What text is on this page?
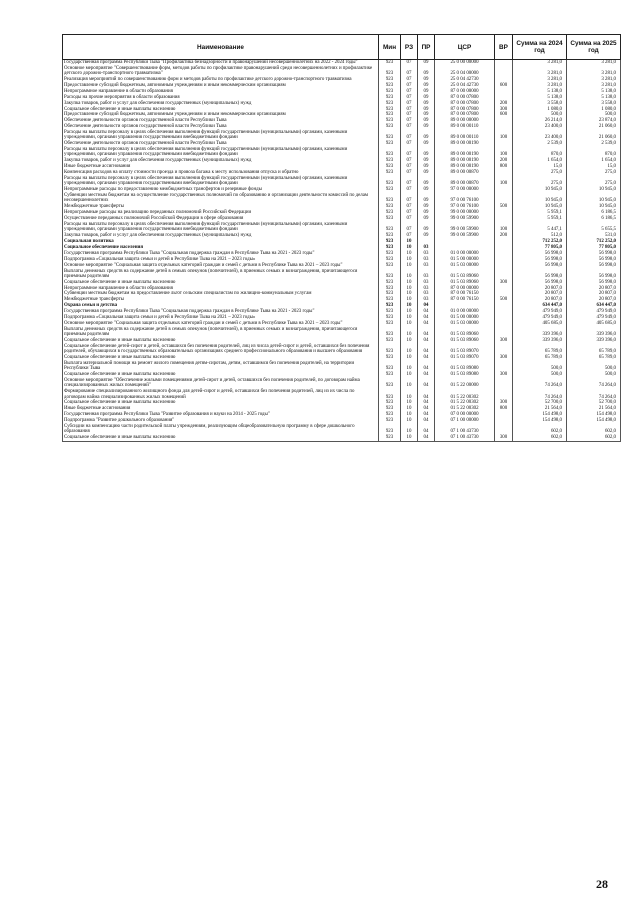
Наименование	Мин	РЗ	ПР	ЦСР	ВР	Сумма на 2024 год	Сумма на 2025 год
Государственная программа Республики Тыва "Профилактика безнадзорности и правонарушений несовершеннолетних на 2022 - 2024 годы"	923	07	09	25 0 00 00000		3 281,0	3 281,0
Основное мероприятие "Совершенствование форм, методов работы по профилактике правонарушений среди несовершеннолетних и профилактике детского дорожно-транспортного травматизма"	923	07	09	25 0 04 00000		3 281,0	3 281,0
Реализация мероприятий по совершенствованию форм и методов работы по профилактике детского дорожно-транспортного травматизма	923	07	09	25 0 04 42730		3 281,0	3 281,0
Предоставление субсидий бюджетным, автономным учреждениям и иным некоммерческим организациям	923	07	09	25 0 04 42730	600	3 281,0	3 281,0
Непрограммное направление в области образования	923	07	09	87 0 00 00000		5 138,0	5 138,0
Расходы на прочие мероприятия в области образования	923	07	09	87 0 00 07800		5 138,0	5 138,0
Закупка товаров, работ и услуг для обеспечения государственных (муниципальных) нужд	923	07	09	87 0 00 07800	200	3 558,0	3 558,0
Социальное обеспечение и иные выплаты населению	923	07	09	87 0 00 07800	300	1 080,0	1 080,0
Предоставление субсидий бюджетным, автономным учреждениям и иным некоммерческим организациям	923	07	09	87 0 00 07800	600	500,0	500,0
Обеспечение деятельности органов государственной власти Республики Тыва	923	07	09	89 0 00 00000		26 214,0	23 874,0
Обеспечение деятельности органов государственной власти Республики Тыва	923	07	09	89 0 00 00110		23 400,0	21 060,0
Расходы на выплаты персоналу в целях обеспечения выполнения функций государственными (муниципальными) органами, казенными учреждениями, органами управления государственными внебюджетными фондами	923	07	09	89 0 00 00110	100	23 400,0	21 060,0
Обеспечение деятельности органов государственной власти Республики Тыва	923	07	09	89 0 00 00190		2 539,0	2 539,0
Расходы на выплаты персоналу в целях обеспечения выполнения функций государственными (муниципальными) органами, казенными учреждениями, органами управления государственными внебюджетными фондами	923	07	09	89 0 00 00190	100	870,0	870,0
Закупка товаров, работ и услуг для обеспечения государственных (муниципальных) нужд	923	07	09	89 0 00 00190	200	1 654,0	1 654,0
Иные бюджетные ассигнования	923	07	09	89 0 00 00190	800	15,0	15,0
Компенсация расходов на оплату стоимости проезда и провоза багажа к месту использования отпуска и обратно	923	07	09	89 0 00 00870		275,0	275,0
Расходы на выплаты персоналу в целях обеспечения выполнения функций государственными (муниципальными) органами, казенными учреждениями, органами управления государственными внебюджетными фондами	923	07	09	89 0 00 00870	100	275,0	275,0
Непрограммные расходы по предоставлению межбюджетных трансфертов и резервные фонды	923	07	09	97 0 00 00000		10 945,0	10 945,0
Субвенции местным бюджетам на осуществление государственных полномочий по образованию и организации деятельности комиссий по делам несовершеннолетних	923	07	09	97 0 00 76100		10 945,0	10 945,0
Межбюджетные трансферты	923	07	09	97 0 00 76100	500	10 945,0	10 945,0
Непрограммные расходы на реализацию переданных полномочий Российской Федерации	923	07	09	99 0 00 00000		5 959,1	6 186,5
Осуществление переданных полномочий Российской Федерации в сфере образования	923	07	09	99 0 00 59900		5 959,1	6 186,5
Расходы на выплаты персоналу в целях обеспечения выполнения функций государственными (муниципальными) органами, казенными учреждениями, органами управления государственными внебюджетными фондами	923	07	09	99 0 00 59900	100	5 447,1	5 655,5
Закупка товаров, работ и услуг для обеспечения государственных (муниципальных) нужд	923	07	09	99 0 00 59900	200	512,0	531,0
Социальная политика	923	10				712 252,0	712 252,0
Социальное обеспечение населения	923	10	03			77 805,0	77 805,0
Государственная программа Республики Тыва "Социальная поддержка граждан в Республике Тыва на 2021 - 2023 годы"	923	10	03	01 0 00 00000		56 998,0	56 998,0
Подпрограмма «Социальная защита семьи и детей в Республике Тыва на 2021 – 2023 годы»	923	10	03	01 5 00 00000		56 998,0	56 998,0
Основное мероприятие "Социальная защита отдельных категорий граждан и семей с детьми в Республике Тыва на 2021 – 2023 годы"	923	10	03	01 5 03 00000		56 998,0	56 998,0
Выплаты денежных средств на содержание детей в семьях опекунов (попечителей), в приемных семьях и вознаграждения, причитающегося приемным родителям	923	10	03	01 5 03 89060		56 998,0	56 998,0
Социальное обеспечение и иные выплаты населению	923	10	03	01 5 03 89060	300	56 998,0	56 998,0
Непрограммное направление в области образования	923	10	03	87 0 00 00000		20 807,0	20 807,0
Субвенции местным бюджетам на предоставление льгот сельским специалистам по жилищно-коммунальным услугам	923	10	03	87 0 00 76150		20 807,0	20 807,0
Межбюджетные трансферты	923	10	03	87 0 00 76150	500	20 807,0	20 807,0
Охрана семьи и детства	923	10	04			634 447,0	634 447,0
Государственная программа Республики Тыва "Социальная поддержка граждан в Республике Тыва на 2021 - 2023 годы"	923	10	04	01 0 00 00000		479 949,0	479 949,0
Подпрограмма «Социальная защита семьи и детей в Республике Тыва на 2021 – 2023 годы»	923	10	04	01 5 00 00000		479 949,0	479 949,0
Основное мероприятие "Социальная защита отдельных категорий граждан и семей с детьми в Республике Тыва на 2021 – 2023 годы"	923	10	04	01 5 03 00000		405 685,0	405 685,0
Выплаты денежных средств на содержание детей в семьях опекунов (попечителей), в приемных семьях и вознаграждения, причитающегося приемным родителям	923	10	04	01 5 03 89060		339 396,0	339 396,0
Социальное обеспечение и иные выплаты населению	923	10	04	01 5 03 89060	300	339 396,0	339 396,0
Социальное обеспечение детей-сирот и детей, оставшихся без попечения родителей, лиц из числа детей-сирот и детей, оставшихся без попечения родителей, обучающихся в государственных образовательных организациях среднего профессионального образования и высшего образования	923	10	04	01 5 03 89070		65 789,0	65 789,0
Социальное обеспечение и иные выплаты населению	923	10	04	01 5 03 89070	300	65 789,0	65 789,0
Выплата материальной помощи на ремонт жилого помещения детям-сиротам, детям, оставшимся без попечения родителей, на территории Республики Тыва	923	10	04	01 5 03 89080		500,0	500,0
Социальное обеспечение и иные выплаты населению	923	10	04	01 5 03 89080	300	500,0	500,0
Основное мероприятие "Обеспечение жилыми помещениями детей-сирот и детей, оставшихся без попечения родителей, по договорам найма специализированных жилых помещений"	923	10	04	01 5 22 00000		74 264,0	74 264,0
Формирование специализированного жилищного фонда для детей-сирот и детей, оставшихся без попечения родителей, лиц из их числа по договорам найма специализированных жилых помещений	923	10	04	01 5 22 00302		74 264,0	74 264,0
Социальное обеспечение и иные выплаты населению	923	10	04	01 5 22 00302	300	52 700,0	52 700,0
Иные бюджетные ассигнования	923	10	04	01 5 22 00302	800	21 564,0	21 564,0
Государственная программа Республики Тыва "Развитие образования и науки на 2014 - 2025 годы"	923	10	04	07 0 00 00000		154 498,0	154 498,0
Подпрограмма "Развитие дошкольного образования"	923	10	04	07 1 00 00000		154 498,0	154 498,0
Субсидии на компенсацию части родительской платы учреждениям, реализующим общеобразовательную программу в сфере дошкольного образования	923	10	04	07 1 00 43730		602,0	602,0
Социальное обеспечение и иные выплаты населению	923	10	04	07 1 00 43730	300	602,0	602,0
28
